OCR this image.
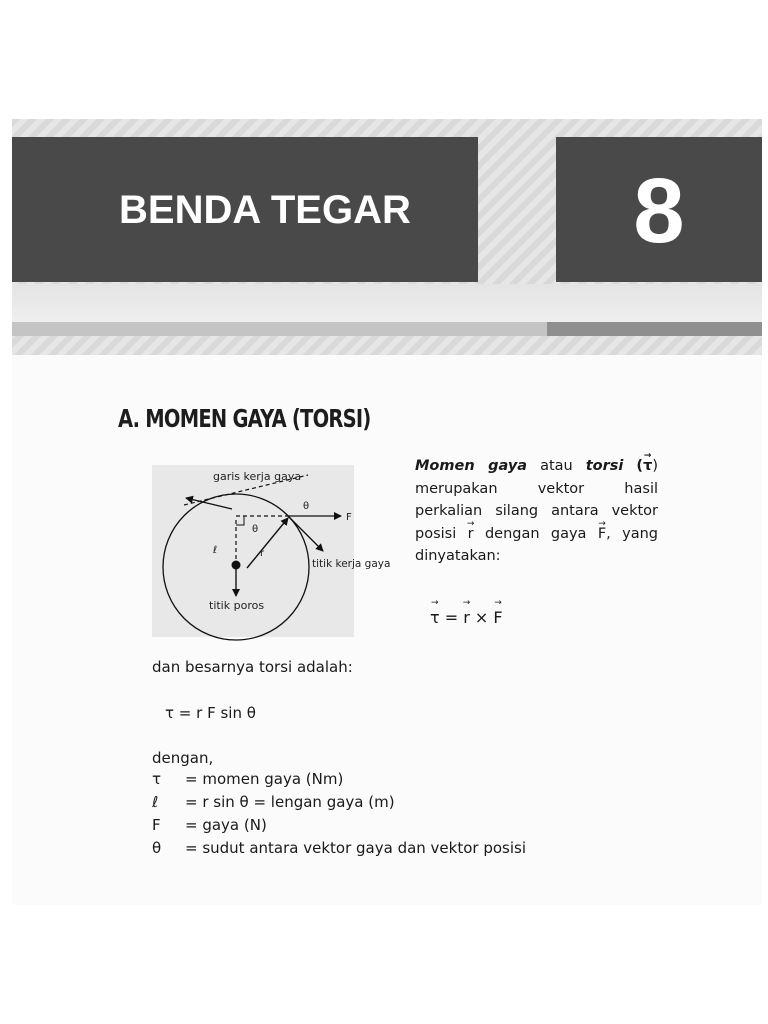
BENDA TEGAR	8
A. MOMEN GAYA (TORSI)
garis kerja gaya
θ
F
θ
ℓ	r
titik kerja gaya
titik poros
Momen gaya atau torsi (→ τ) merupakan vektor hasil perkalian silang antara vektor posisi → r dengan gaya → F, yang dinyatakan:
→ τ = → r × → F
dan besarnya torsi adalah:
τ = r F sin θ
dengan,
τ	= momen gaya (Nm)
ℓ	= r sin θ = lengan gaya (m)
F	= gaya (N)
θ	= sudut antara vektor gaya dan vektor posisi
